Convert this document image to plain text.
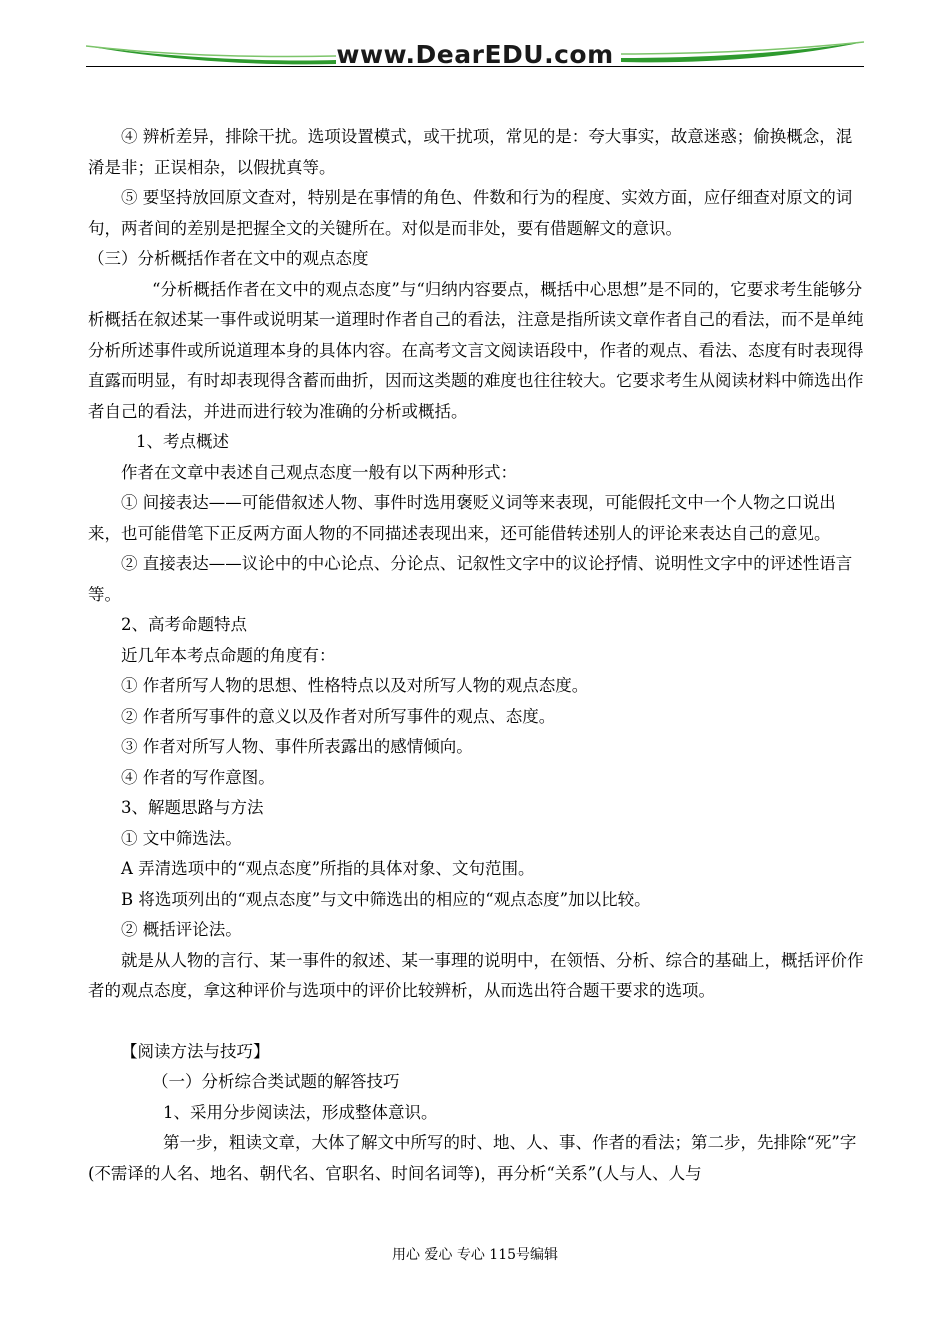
www.DearEDU.com

④ 辨析差异，排除干扰。选项设置模式，或干扰项，常见的是：夸大事实，故意迷惑；偷换概念，混淆是非；正误相杂，以假扰真等。

⑤ 要坚持放回原文查对，特别是在事情的角色、件数和行为的程度、实效方面，应仔细查对原文的词句，两者间的差别是把握全文的关键所在。对似是而非处，要有借题解文的意识。

（三）分析概括作者在文中的观点态度

“分析概括作者在文中的观点态度”与“归纳内容要点，概括中心思想”是不同的，它要求考生能够分析概括在叙述某一事件或说明某一道理时作者自己的看法，注意是指所读文章作者自己的看法，而不是单纯分析所述事件或所说道理本身的具体内容。在高考文言文阅读语段中，作者的观点、看法、态度有时表现得直露而明显，有时却表现得含蓄而曲折，因而这类题的难度也往往较大。它要求考生从阅读材料中筛选出作者自己的看法，并进而进行较为准确的分析或概括。

1、考点概述

作者在文章中表述自己观点态度一般有以下两种形式：

① 间接表达——可能借叙述人物、事件时选用褒贬义词等来表现，可能假托文中一个人物之口说出来，也可能借笔下正反两方面人物的不同描述表现出来，还可能借转述别人的评论来表达自己的意见。

② 直接表达——议论中的中心论点、分论点、记叙性文字中的议论抒情、说明性文字中的评述性语言等。

2、高考命题特点

近几年本考点命题的角度有：

① 作者所写人物的思想、性格特点以及对所写人物的观点态度。

② 作者所写事件的意义以及作者对所写事件的观点、态度。

③ 作者对所写人物、事件所表露出的感情倾向。

④ 作者的写作意图。

3、解题思路与方法

① 文中筛选法。

A 弄清选项中的“观点态度”所指的具体对象、文句范围。

B 将选项列出的“观点态度”与文中筛选出的相应的“观点态度”加以比较。

② 概括评论法。

就是从人物的言行、某一事件的叙述、某一事理的说明中，在领悟、分析、综合的基础上，概括评价作者的观点态度，拿这种评价与选项中的评价比较辨析，从而选出符合题干要求的选项。

【阅读方法与技巧】

（一）分析综合类试题的解答技巧

1、采用分步阅读法，形成整体意识。

第一步，粗读文章，大体了解文中所写的时、地、人、事、作者的看法；第二步，先排除“死”字(不需译的人名、地名、朝代名、官职名、时间名词等)，再分析“关系”(人与人、人与

用心 爱心 专心 115号编辑
